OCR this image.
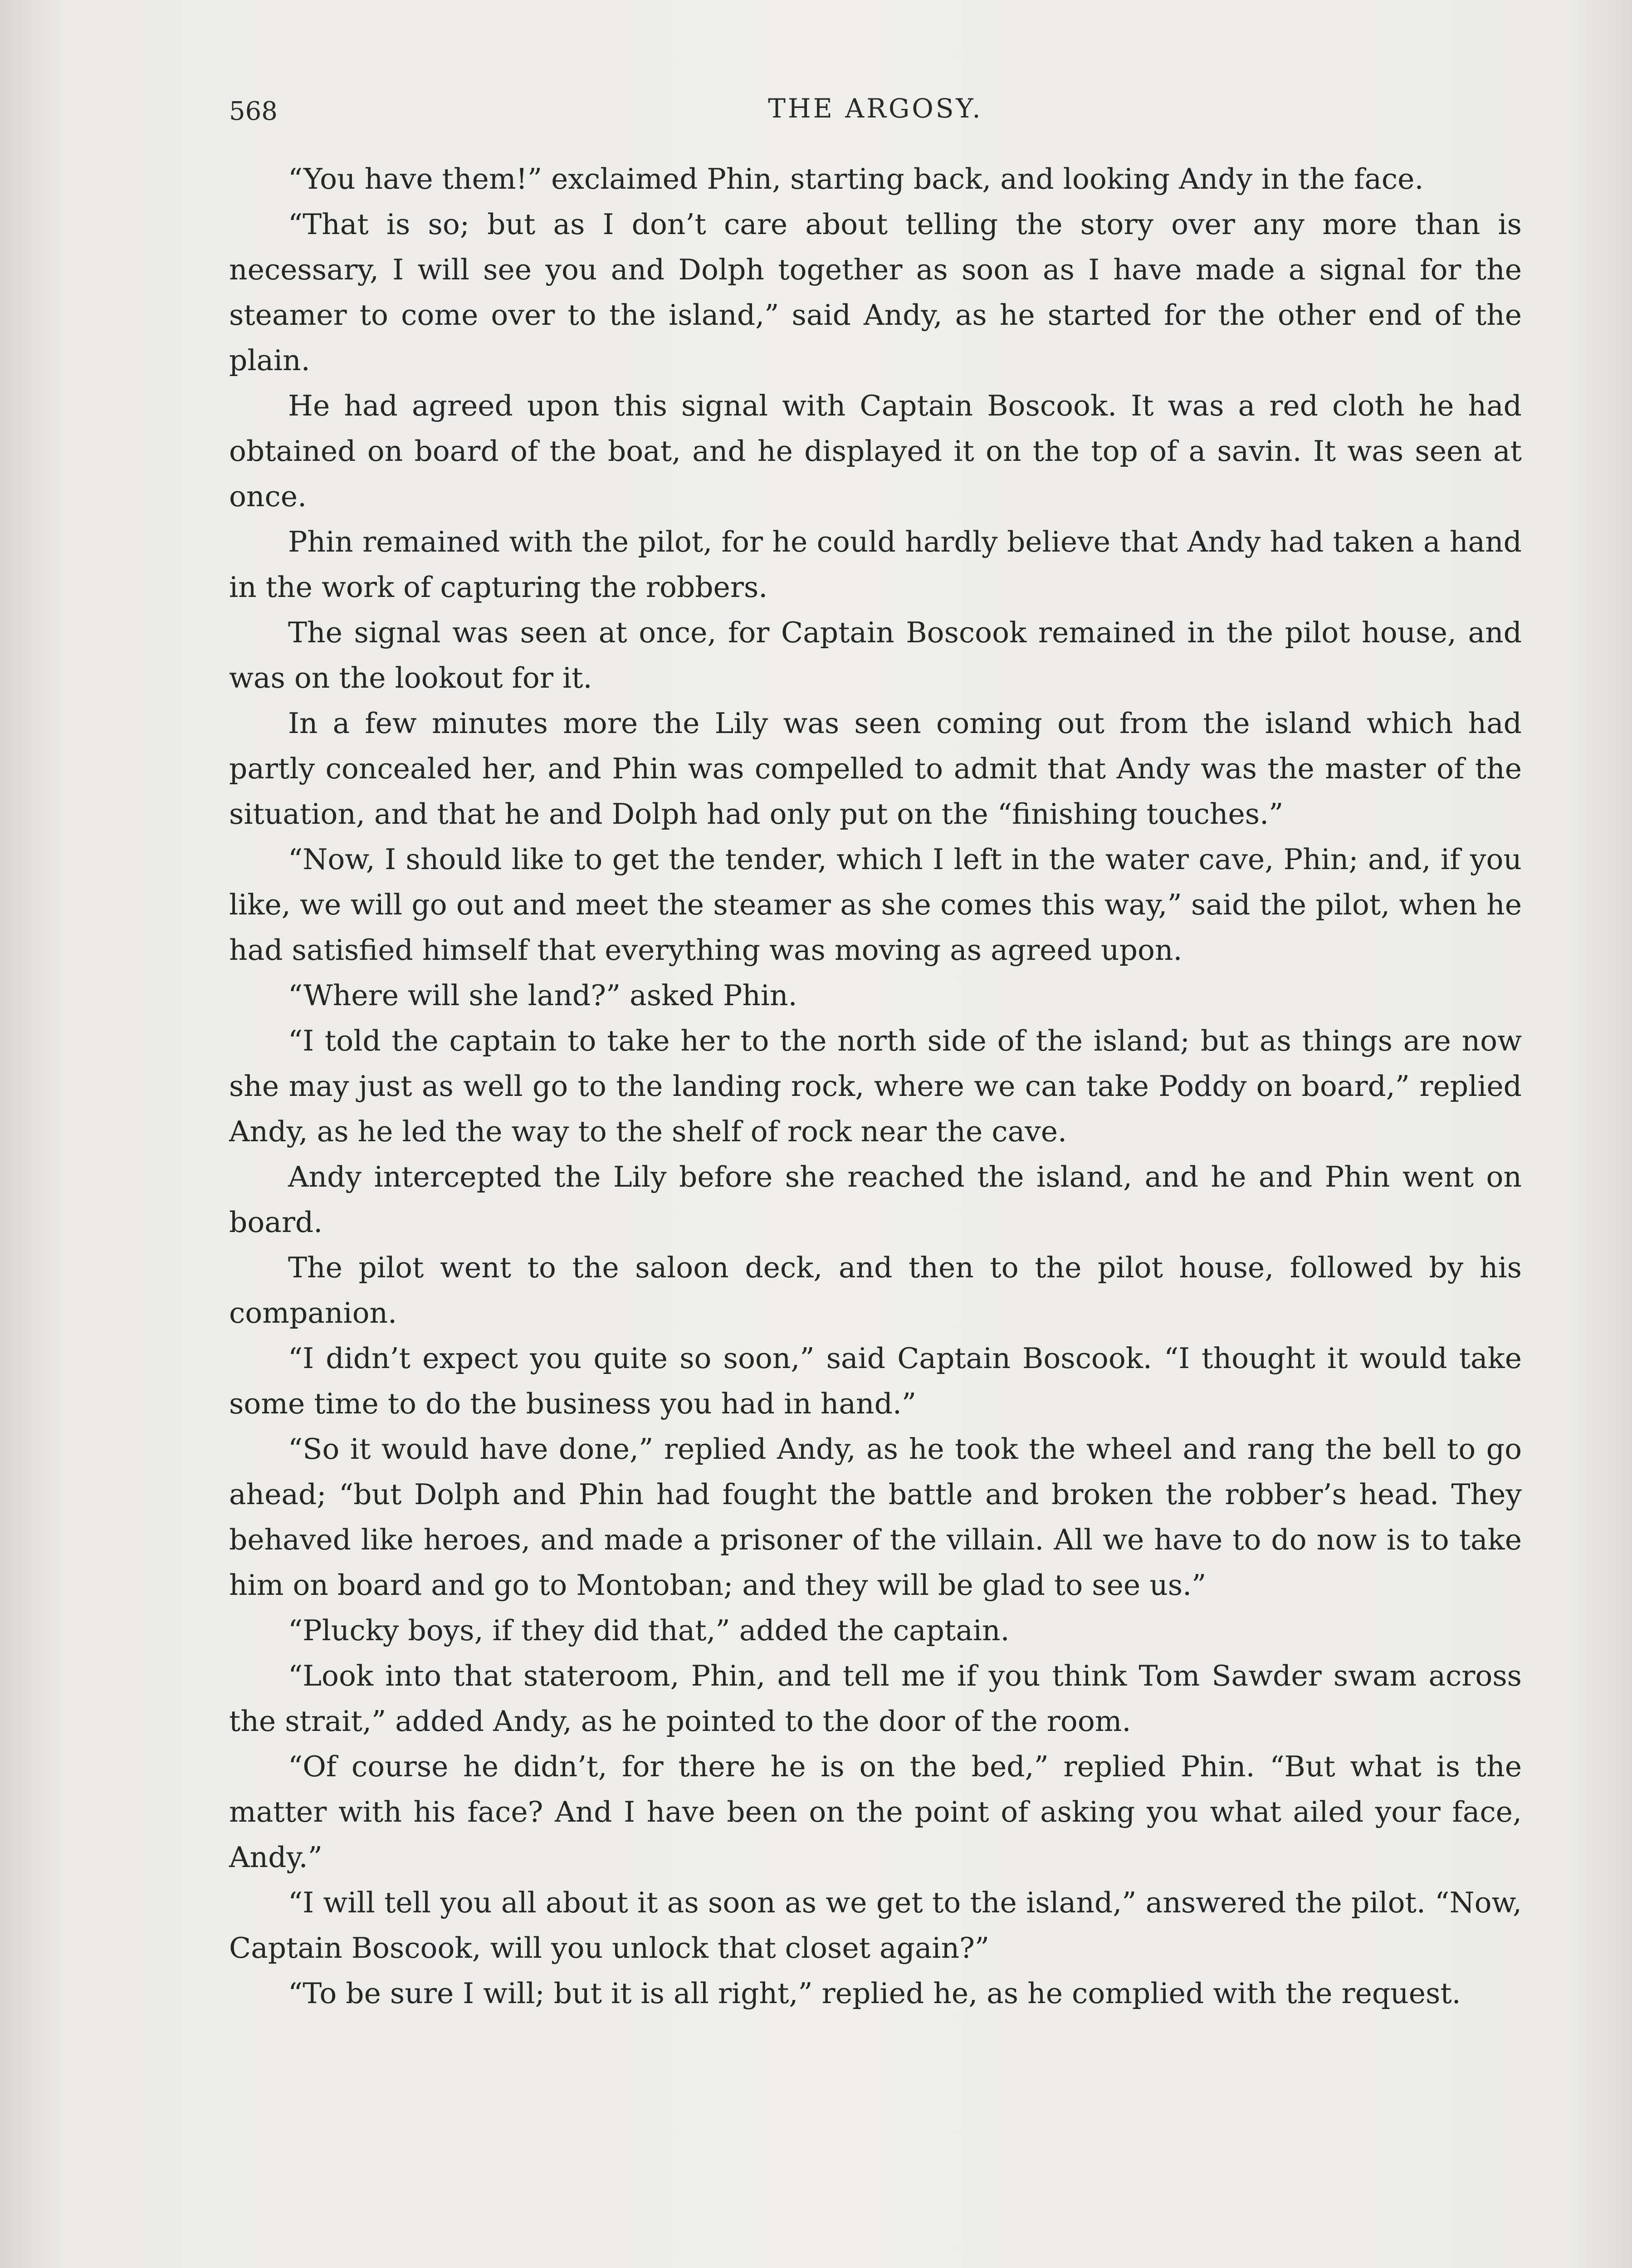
568	THE ARGOSY.

“You have them!” exclaimed Phin, starting back, and looking Andy in the face.

“That is so; but as I don’t care about telling the story over any more than is necessary, I will see you and Dolph together as soon as I have made a signal for the steamer to come over to the island,” said Andy, as he started for the other end of the plain.

He had agreed upon this signal with Captain Boscook. It was a red cloth he had obtained on board of the boat, and he displayed it on the top of a savin. It was seen at once.

Phin remained with the pilot, for he could hardly believe that Andy had taken a hand in the work of capturing the robbers.

The signal was seen at once, for Captain Boscook remained in the pilot house, and was on the lookout for it.

In a few minutes more the Lily was seen coming out from the island which had partly concealed her, and Phin was compelled to admit that Andy was the master of the situation, and that he and Dolph had only put on the “finishing touches.”

“Now, I should like to get the tender, which I left in the water cave, Phin; and, if you like, we will go out and meet the steamer as she comes this way,” said the pilot, when he had satisfied himself that everything was moving as agreed upon.

“Where will she land?” asked Phin.

“I told the captain to take her to the north side of the island; but as things are now she may just as well go to the landing rock, where we can take Poddy on board,” replied Andy, as he led the way to the shelf of rock near the cave.

Andy intercepted the Lily before she reached the island, and he and Phin went on board.

The pilot went to the saloon deck, and then to the pilot house, followed by his companion.

“I didn’t expect you quite so soon,” said Captain Boscook. “I thought it would take some time to do the business you had in hand.”

“So it would have done,” replied Andy, as he took the wheel and rang the bell to go ahead; “but Dolph and Phin had fought the battle and broken the robber’s head. They behaved like heroes, and made a prisoner of the villain. All we have to do now is to take him on board and go to Montoban; and they will be glad to see us.”

“Plucky boys, if they did that,” added the captain.

“Look into that stateroom, Phin, and tell me if you think Tom Sawder swam across the strait,” added Andy, as he pointed to the door of the room.

“Of course he didn’t, for there he is on the bed,” replied Phin. “But what is the matter with his face? And I have been on the point of asking you what ailed your face, Andy.”

“I will tell you all about it as soon as we get to the island,” answered the pilot. “Now, Captain Boscook, will you unlock that closet again?”

“To be sure I will; but it is all right,” replied he, as he complied with the request.
